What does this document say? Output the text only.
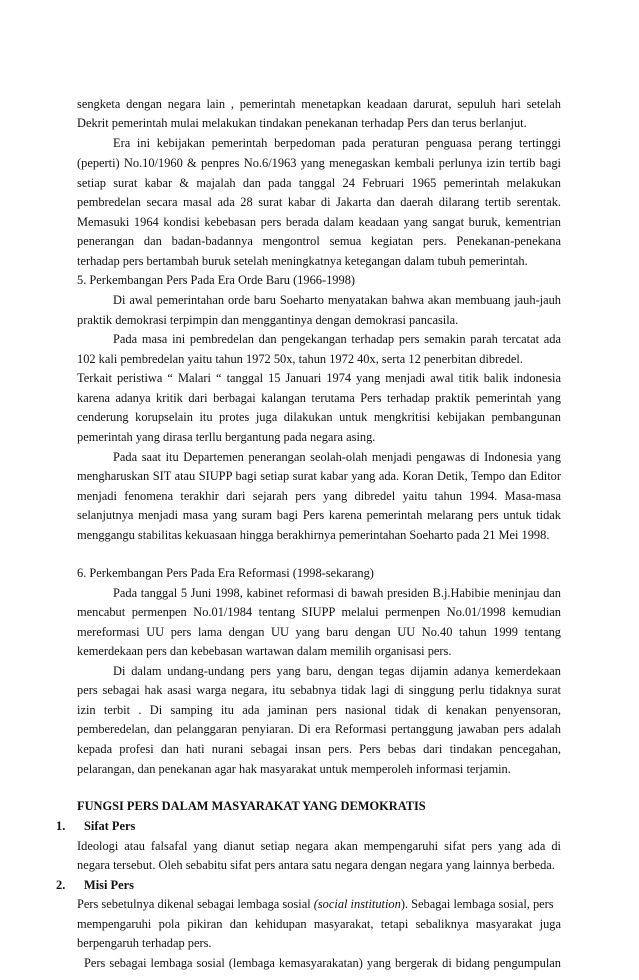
sengketa dengan negara lain , pemerintah menetapkan keadaan darurat, sepuluh hari setelah
Dekrit pemerintah mulai melakukan tindakan penekanan terhadap Pers dan terus berlanjut.
Era ini kebijakan pemerintah berpedoman pada peraturan penguasa perang tertinggi
(peperti) No.10/1960 & penpres No.6/1963 yang menegaskan kembali perlunya izin tertib bagi
setiap surat kabar & majalah dan pada tanggal 24 Februari 1965 pemerintah melakukan
pembredelan secara masal ada 28 surat kabar di Jakarta dan daerah dilarang tertib serentak.
Memasuki 1964 kondisi kebebasan pers berada dalam keadaan yang sangat buruk, kementrian
penerangan dan badan-badannya mengontrol semua kegiatan pers. Penekanan-penekana
terhadap pers bertambah buruk setelah meningkatnya ketegangan dalam tubuh pemerintah.
5. Perkembangan Pers Pada Era Orde Baru (1966-1998)
Di awal pemerintahan orde baru Soeharto menyatakan bahwa akan membuang jauh-jauh
praktik demokrasi terpimpin dan menggantinya dengan demokrasi pancasila.
Pada masa ini pembredelan dan pengekangan terhadap pers semakin parah tercatat ada
102 kali pembredelan yaitu tahun 1972 50x, tahun 1972 40x, serta 12 penerbitan dibredel.
Terkait peristiwa “ Malari “ tanggal 15 Januari 1974 yang menjadi awal titik balik indonesia
karena adanya kritik dari berbagai kalangan terutama Pers terhadap praktik pemerintah yang
cenderung korupselain itu protes juga dilakukan untuk mengkritisi kebijakan pembangunan
pemerintah yang dirasa terllu bergantung pada negara asing.
Pada saat itu Departemen penerangan seolah-olah menjadi pengawas di Indonesia yang
mengharuskan SIT atau SIUPP bagi setiap surat kabar yang ada. Koran Detik, Tempo dan Editor
menjadi fenomena terakhir dari sejarah pers yang dibredel yaitu tahun 1994. Masa-masa
selanjutnya menjadi masa yang suram bagi Pers karena pemerintah melarang pers untuk tidak
menggangu stabilitas kekuasaan hingga berakhirnya pemerintahan Soeharto pada 21 Mei 1998.
6. Perkembangan Pers Pada Era Reformasi (1998-sekarang)
Pada tanggal 5 Juni 1998, kabinet reformasi di bawah presiden B.j.Habibie meninjau dan
mencabut permenpen No.01/1984 tentang SIUPP melalui permenpen No.01/1998 kemudian
mereformasi UU pers lama dengan UU yang baru dengan UU No.40 tahun 1999 tentang
kemerdekaan pers dan kebebasan wartawan dalam memilih organisasi pers.
Di dalam undang-undang pers yang baru, dengan tegas dijamin adanya kemerdekaan
pers sebagai hak asasi warga negara, itu sebabnya tidak lagi di singgung perlu tidaknya surat
izin terbit . Di samping itu ada jaminan pers nasional tidak di kenakan penyensoran,
pemberedelan, dan pelanggaran penyiaran. Di era Reformasi pertanggung jawaban pers adalah
kepada profesi dan hati nurani sebagai insan pers. Pers bebas dari tindakan pencegahan,
pelarangan, dan penekanan agar hak masyarakat untuk memperoleh informasi terjamin.
FUNGSI PERS DALAM MASYARAKAT YANG DEMOKRATIS
1.	Sifat Pers
Ideologi atau falsafal yang dianut setiap negara akan mempengaruhi sifat pers yang ada di
negara tersebut. Oleh sebabitu sifat pers antara satu negara dengan negara yang lainnya berbeda.
2.	Misi Pers
Pers sebetulnya dikenal sebagai lembaga sosial (social institution). Sebagai lembaga sosial, pers
mempengaruhi pola pikiran dan kehidupan masyarakat, tetapi sebaliknya masyarakat juga
berpengaruh terhadap pers.
Pers sebagai lembaga sosial (lembaga kemasyarakatan) yang bergerak di bidang pengumpulan
